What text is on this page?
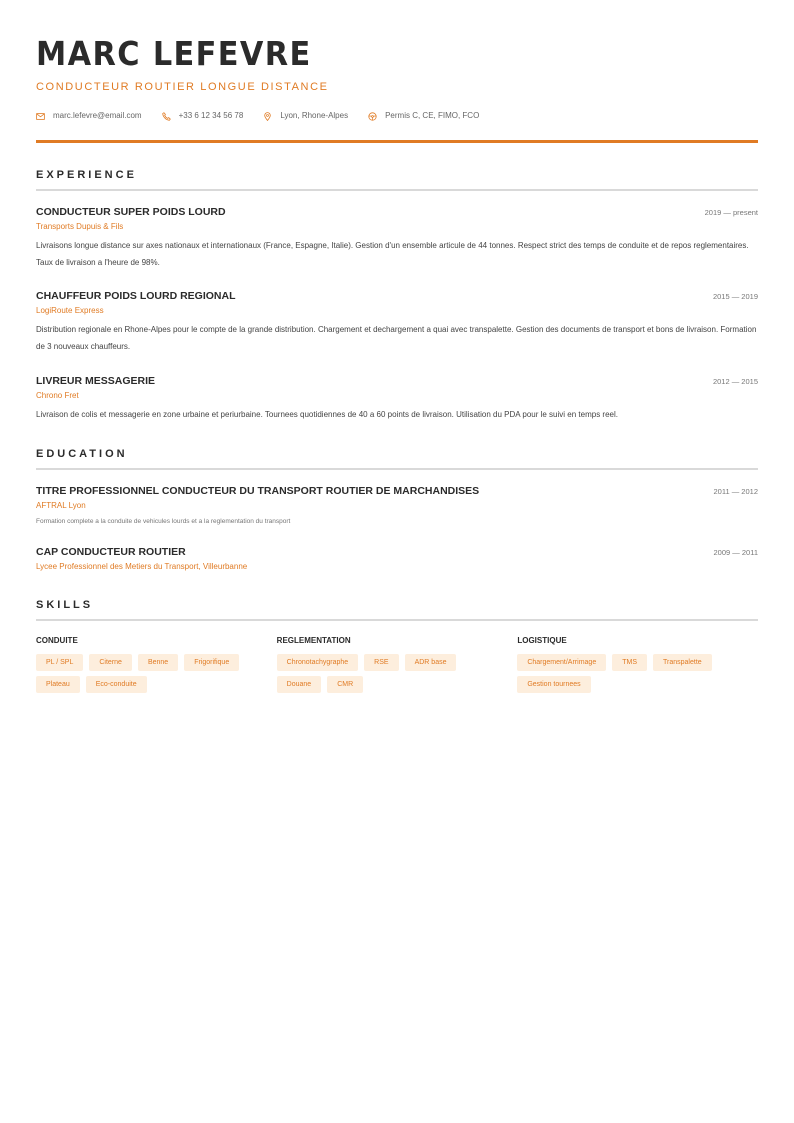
MARC LEFEVRE
CONDUCTEUR ROUTIER LONGUE DISTANCE
marc.lefevre@email.com	+33 6 12 34 56 78	Lyon, Rhone-Alpes	Permis C, CE, FIMO, FCO
EXPERIENCE
CONDUCTEUR SUPER POIDS LOURD	2019 — present
Transports Dupuis & Fils
Livraisons longue distance sur axes nationaux et internationaux (France, Espagne, Italie). Gestion d'un ensemble articule de 44 tonnes. Respect strict des temps de conduite et de repos reglementaires. Taux de livraison a l'heure de 98%.
CHAUFFEUR POIDS LOURD REGIONAL	2015 — 2019
LogiRoute Express
Distribution regionale en Rhone-Alpes pour le compte de la grande distribution. Chargement et dechargement a quai avec transpalette. Gestion des documents de transport et bons de livraison. Formation de 3 nouveaux chauffeurs.
LIVREUR MESSAGERIE	2012 — 2015
Chrono Fret
Livraison de colis et messagerie en zone urbaine et periurbaine. Tournees quotidiennes de 40 a 60 points de livraison. Utilisation du PDA pour le suivi en temps reel.
EDUCATION
TITRE PROFESSIONNEL CONDUCTEUR DU TRANSPORT ROUTIER DE MARCHANDISES	2011 — 2012
AFTRAL Lyon
Formation complete a la conduite de vehicules lourds et a la reglementation du transport
CAP CONDUCTEUR ROUTIER	2009 — 2011
Lycee Professionnel des Metiers du Transport, Villeurbanne
SKILLS
CONDUITE
PL / SPL	Citerne	Benne	Frigorifique
Plateau	Eco-conduite
REGLEMENTATION
Chronotachygraphe	RSE	ADR base
Douane	CMR
LOGISTIQUE
Chargement/Arrimage	TMS	Transpalette
Gestion tournees
